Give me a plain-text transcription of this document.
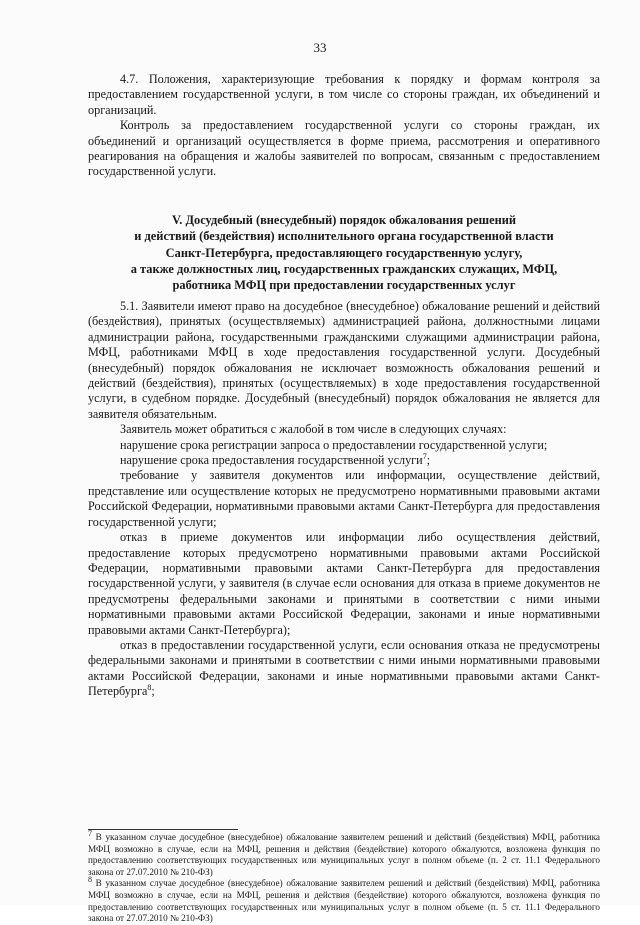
33

4.7. Положения, характеризующие требования к порядку и формам контроля за предоставлением государственной услуги, в том числе со стороны граждан, их объединений и организаций.

Контроль за предоставлением государственной услуги со стороны граждан, их объединений и организаций осуществляется в форме приема, рассмотрения и оперативного реагирования на обращения и жалобы заявителей по вопросам, связанным с предоставлением государственной услуги.

V. Досудебный (внесудебный) порядок обжалования решений
и действий (бездействия) исполнительного органа государственной власти
Санкт-Петербурга, предоставляющего государственную услугу,
а также должностных лиц, государственных гражданских служащих, МФЦ,
работника МФЦ при предоставлении государственных услуг

5.1. Заявители имеют право на досудебное (внесудебное) обжалование решений и действий (бездействия), принятых (осуществляемых) администрацией района, должностными лицами администрации района, государственными гражданскими служащими администрации района, МФЦ, работниками МФЦ в ходе предоставления государственной услуги. Досудебный (внесудебный) порядок обжалования не исключает возможность обжалования решений и действий (бездействия), принятых (осуществляемых) в ходе предоставления государственной услуги, в судебном порядке. Досудебный (внесудебный) порядок обжалования не является для заявителя обязательным.

Заявитель может обратиться с жалобой в том числе в следующих случаях:

нарушение срока регистрации запроса о предоставлении государственной услуги;

нарушение срока предоставления государственной услуги$^7$;

требование у заявителя документов или информации, осуществление действий, представление или осуществление которых не предусмотрено нормативными правовыми актами Российской Федерации, нормативными правовыми актами Санкт-Петербурга для предоставления государственной услуги;

отказ в приеме документов или информации либо осуществления действий, предоставление которых предусмотрено нормативными правовыми актами Российской Федерации, нормативными правовыми актами Санкт-Петербурга для предоставления государственной услуги, у заявителя (в случае если основания для отказа в приеме документов не предусмотрены федеральными законами и принятыми в соответствии с ними иными нормативными правовыми актами Российской Федерации, законами и иные нормативными правовыми актами Санкт-Петербурга);

отказ в предоставлении государственной услуги, если основания отказа не предусмотрены федеральными законами и принятыми в соответствии с ними иными нормативными правовыми актами Российской Федерации, законами и иные нормативными правовыми актами Санкт-Петербурга$^8$;

$^7$ В указанном случае досудебное (внесудебное) обжалование заявителем решений и действий (бездействия) МФЦ, работника МФЦ возможно в случае, если на МФЦ, решения и действия (бездействие) которого обжалуются, возложена функция по предоставлению соответствующих государственных или муниципальных услуг в полном объеме (п. 2 ст. 11.1 Федерального закона от 27.07.2010 № 210-ФЗ)

$^8$ В указанном случае досудебное (внесудебное) обжалование заявителем решений и действий (бездействия) МФЦ, работника МФЦ возможно в случае, если на МФЦ, решения и действия (бездействие) которого обжалуются, возложена функция по предоставлению соответствующих государственных или муниципальных услуг в полном объеме (п. 5 ст. 11.1 Федерального закона от 27.07.2010 № 210-ФЗ)
